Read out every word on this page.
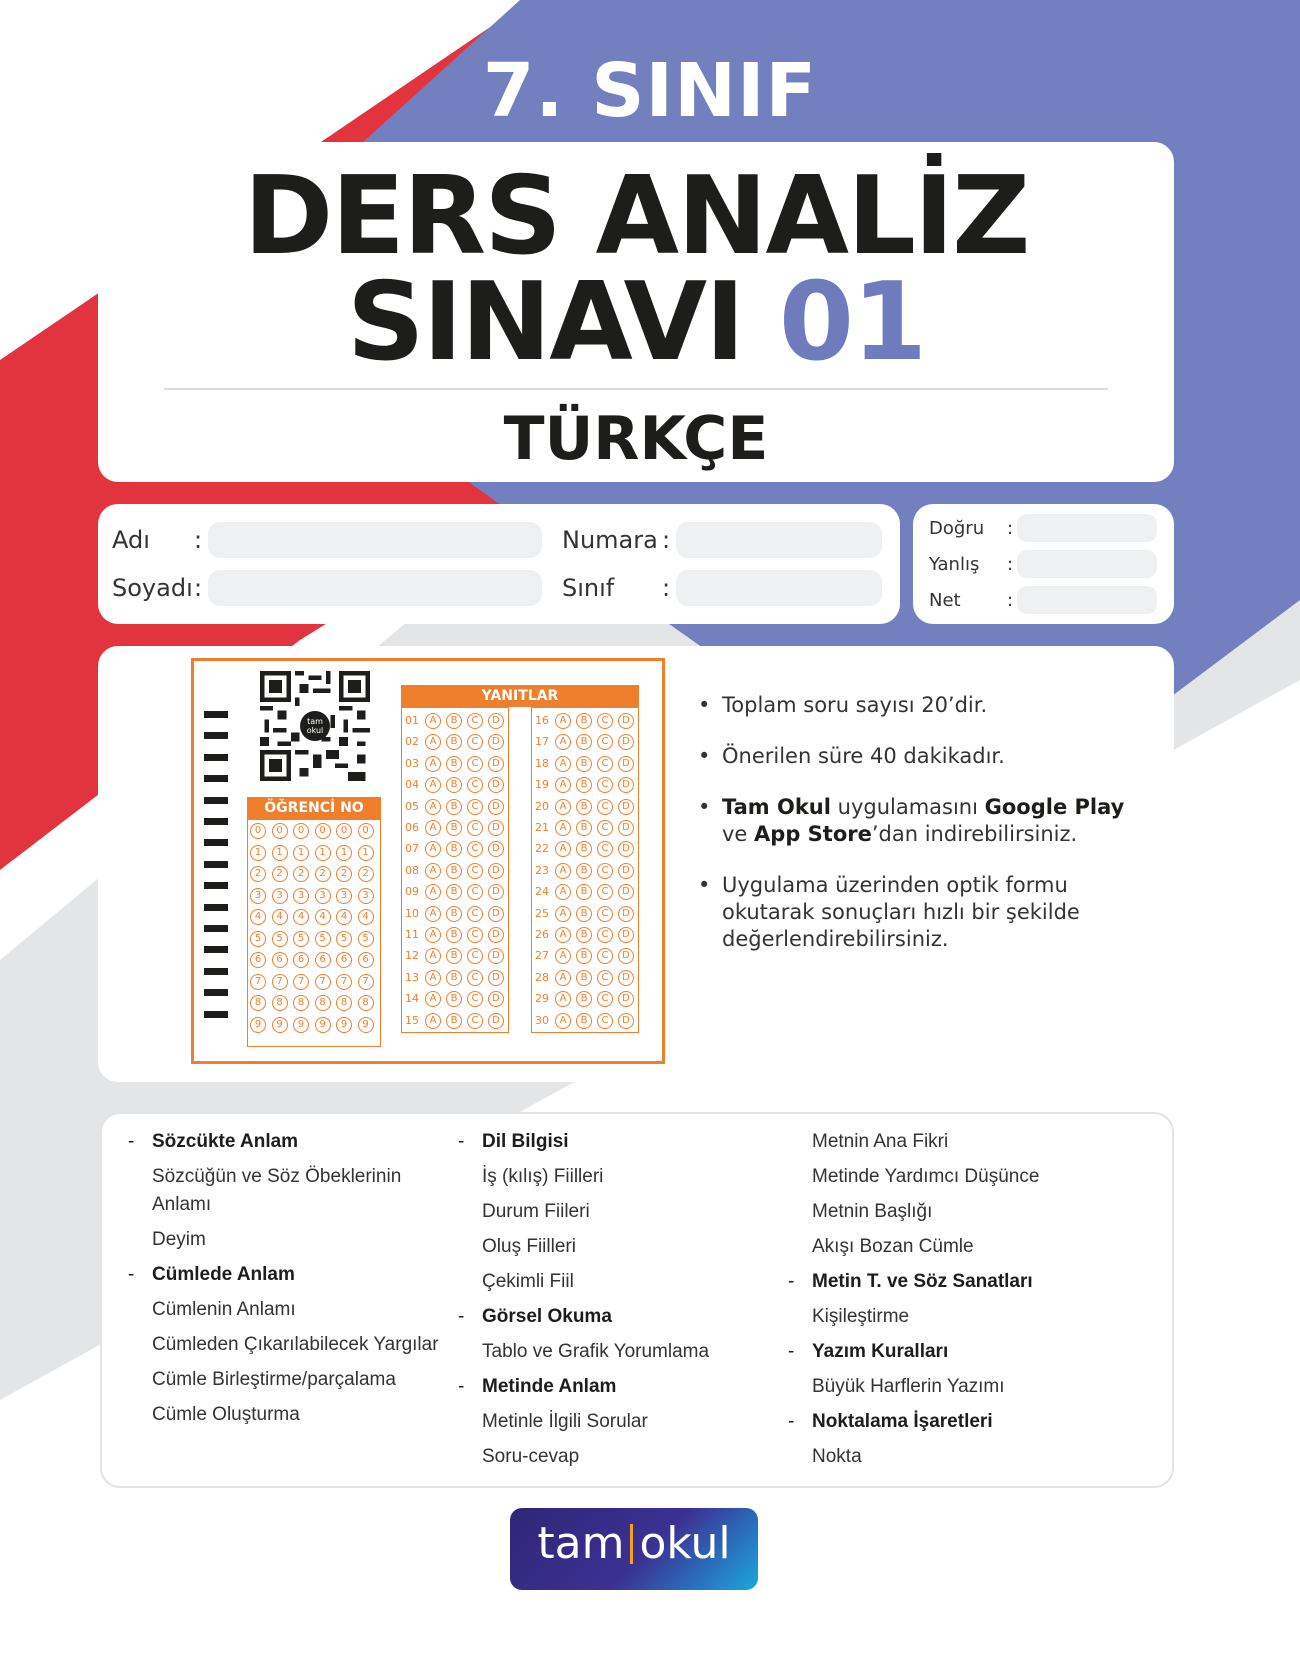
7. SINIF
DERS ANALİZ
SINAVI 01
TÜRKÇE
Adı :
Soyadı :
Numara :
Sınıf :
Doğru :
Yanlış :
Net	:
tam
okul
ÖĞRENCİ NO
YANITLAR
0	0	0	0	0	0
1	1	1	1	1	1
2	2	2	2	2	2
3	3	3	3	3	3
4	4	4	4	4	4
5	5	5	5	5	5
6	6	6	6	6	6
7	7	7	7	7	7
8	8	8	8	8	8
9	9	9	9	9	9
01	A	B	C	D
02	A	B	C	D
03	A	B	C	D
04	A	B	C	D
05	A	B	C	D
06	A	B	C	D
07	A	B	C	D
08	A	B	C	D
09	A	B	C	D
10	A	B	C	D
11	A	B	C	D
12	A	B	C	D
13	A	B	C	D
14	A	B	C	D
15	A	B	C	D
16	A	B	C	D
17	A	B	C	D
18	A	B	C	D
19	A	B	C	D
20	A	B	C	D
21	A	B	C	D
22	A	B	C	D
23	A	B	C	D
24	A	B	C	D
25	A	B	C	D
26	A	B	C	D
27	A	B	C	D
28	A	B	C	D
29	A	B	C	D
30	A	B	C	D
• Toplam soru sayısı 20’dir.
• Önerilen süre 40 dakikadır.
• Tam Okul uygulamasını Google Play ve App Store’dan indirebilirsiniz.
• Uygulama üzerinden optik formu okutarak sonuçları hızlı bir şekilde değerlendirebilirsiniz.
- Sözcükte Anlam
Sözcüğün ve Söz Öbeklerinin Anlamı
Deyim
- Cümlede Anlam
Cümlenin Anlamı
Cümleden Çıkarılabilecek Yargılar
Cümle Birleştirme/parçalama
Cümle Oluşturma
- Dil Bilgisi
İş (kılış) Fiilleri
Durum Fiileri
Oluş Fiilleri
Çekimli Fiil
- Görsel Okuma
Tablo ve Grafik Yorumlama
- Metinde Anlam
Metinle İlgili Sorular
Soru-cevap
Metnin Ana Fikri
Metinde Yardımcı Düşünce
Metnin Başlığı
Akışı Bozan Cümle
- Metin T. ve Söz Sanatları
Kişileştirme
- Yazım Kuralları
Büyük Harflerin Yazımı
- Noktalama İşaretleri
Nokta
tam okul
